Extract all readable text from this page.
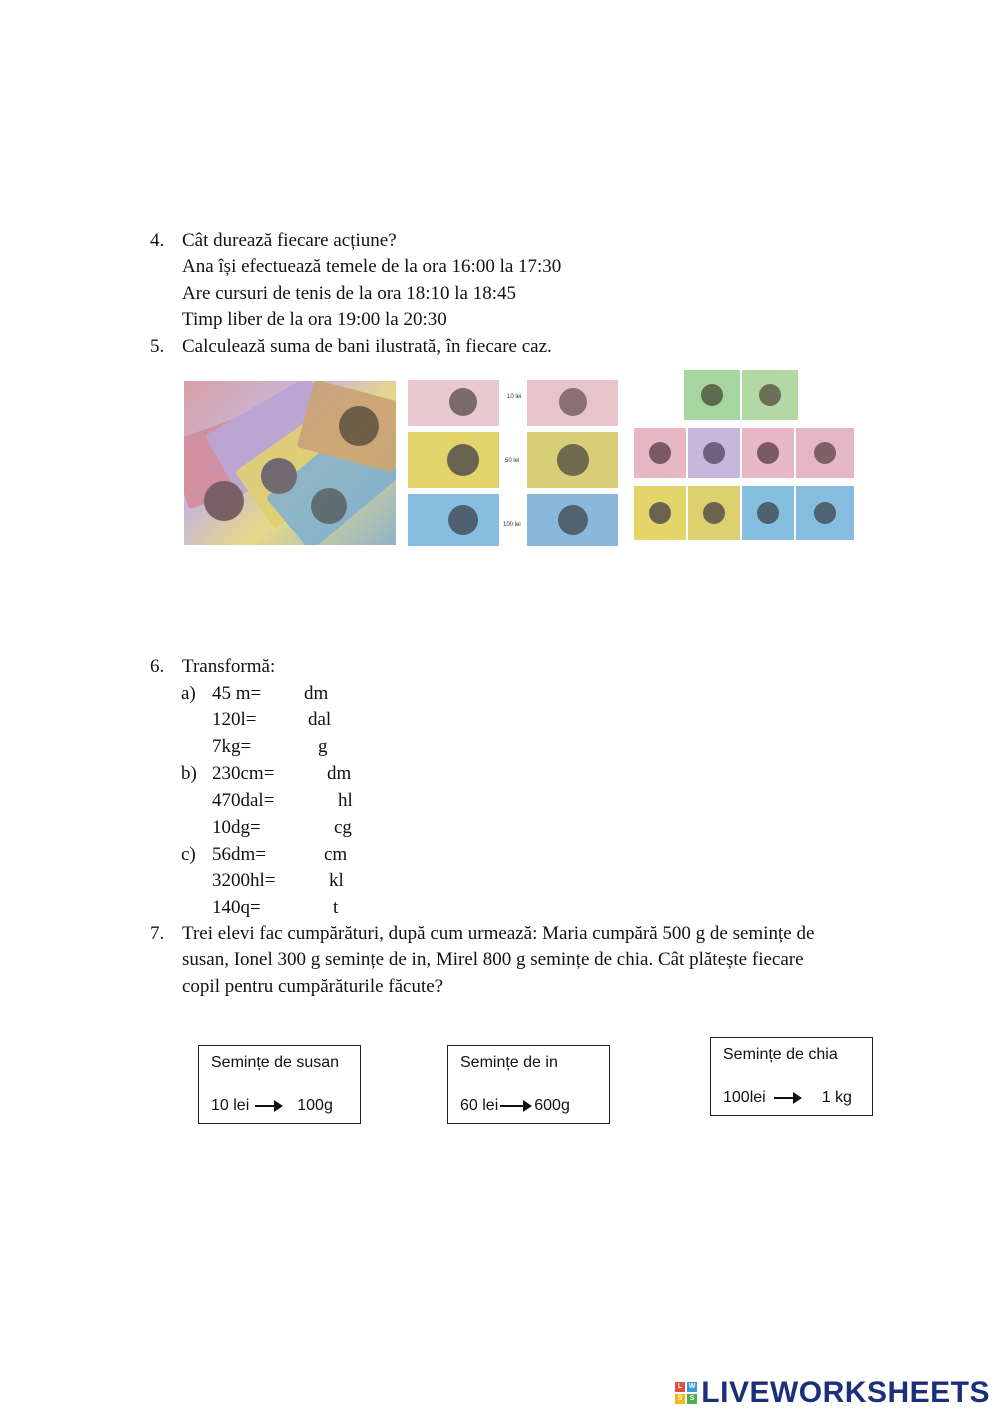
4. Cât durează fiecare acțiune?
Ana își efectuează temele de la ora 16:00 la 17:30
Are cursuri de tenis de la ora 18:10 la 18:45
Timp liber de la ora 19:00 la 20:30
5. Calculează suma de bani ilustrată, în fiecare caz.
10 lei
50 lei
100 lei
6. Transformă:
a) 45 m= dm
120l=	dal
7kg=	g
b) 230cm=	dm
470dal=	hl
10dg=	cg
c) 56dm=	cm
3200hl=	kl
140q=	t
7. Trei elevi fac cumpărături, după cum urmează: Maria cumpără 500 g de semințe de
susan, Ionel 300 g semințe de in, Mirel 800 g semințe de chia. Cât plătește fiecare
copil pentru cumpărăturile făcute?
Semințe de susan
10 lei	100g
Semințe de in
60 lei 600g
Semințe de chia
100lei	1 kg
L W
S S LIVEWORKSHEETS
